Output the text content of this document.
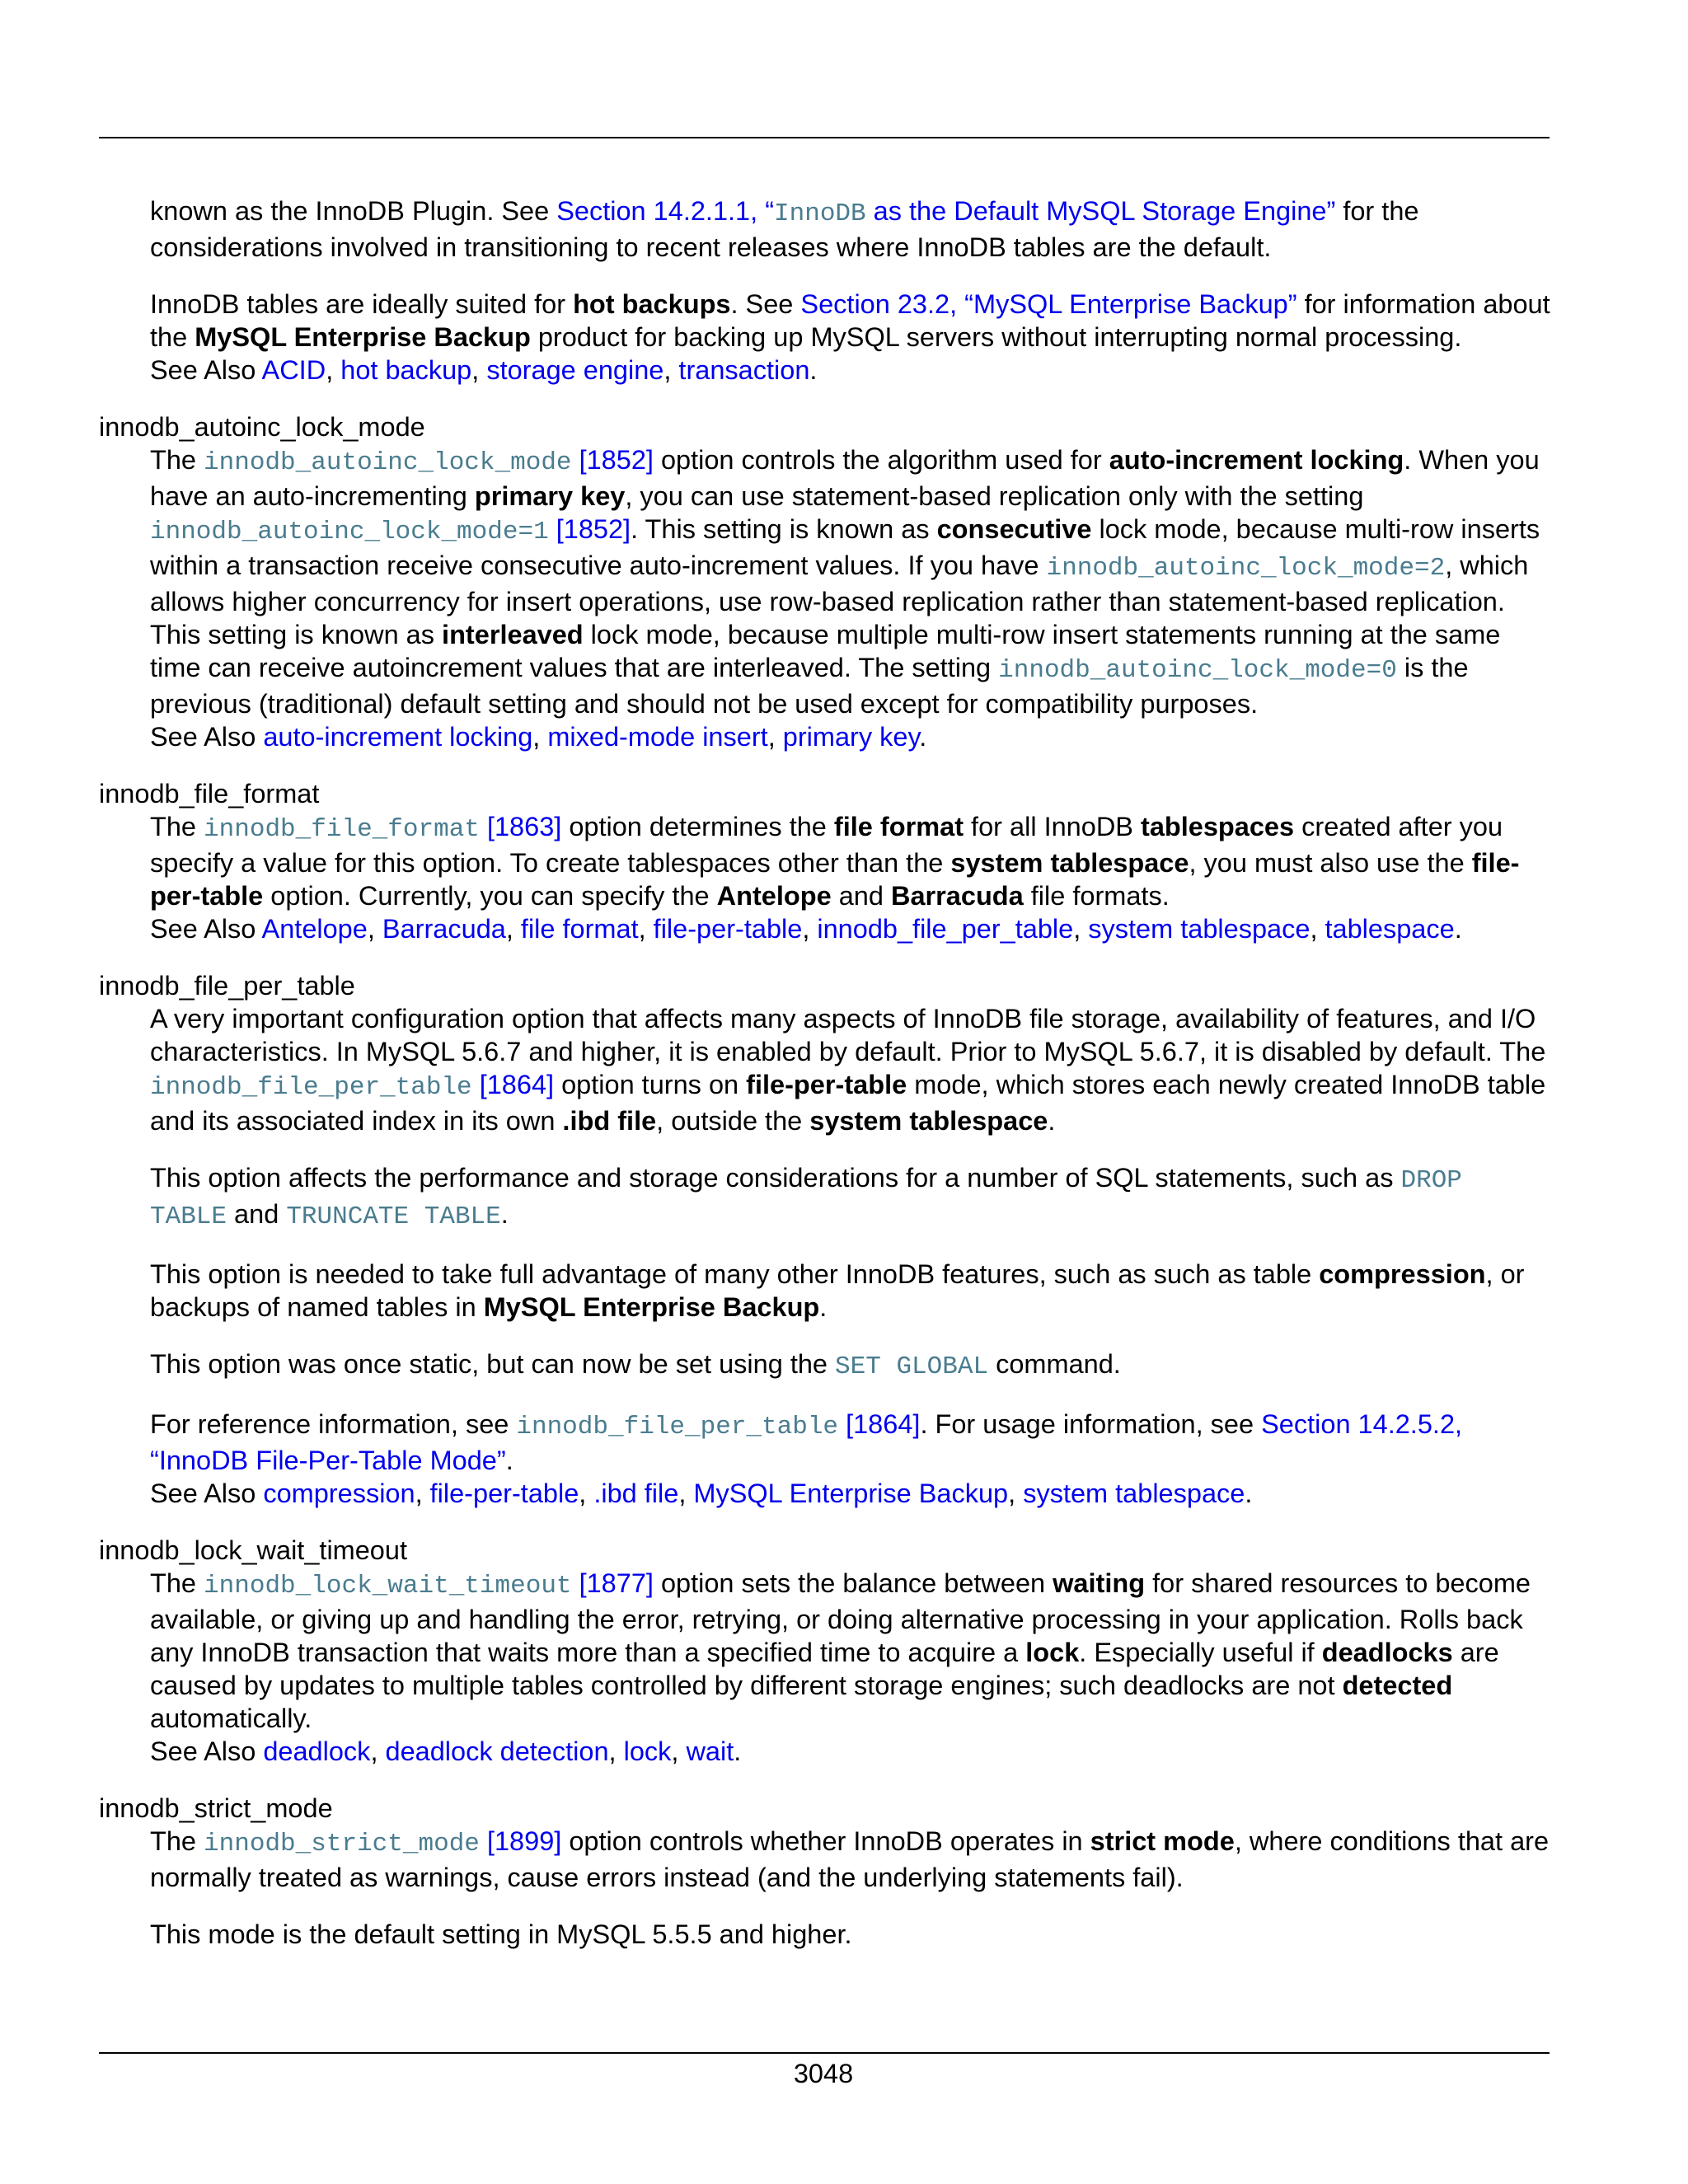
known as the InnoDB Plugin. See Section 14.2.1.1, “InnoDB as the Default MySQL Storage Engine” for the considerations involved in transitioning to recent releases where InnoDB tables are the default.

InnoDB tables are ideally suited for hot backups. See Section 23.2, “MySQL Enterprise Backup” for information about the MySQL Enterprise Backup product for backing up MySQL servers without interrupting normal processing.

See Also ACID, hot backup, storage engine, transaction.

innodb_autoinc_lock_mode

The innodb_autoinc_lock_mode [1852] option controls the algorithm used for auto-increment locking. When you have an auto-incrementing primary key, you can use statement-based replication only with the setting innodb_autoinc_lock_mode=1 [1852]. This setting is known as consecutive lock mode, because multi-row inserts within a transaction receive consecutive auto-increment values. If you have innodb_autoinc_lock_mode=2, which allows higher concurrency for insert operations, use row-based replication rather than statement-based replication. This setting is known as interleaved lock mode, because multiple multi-row insert statements running at the same time can receive autoincrement values that are interleaved. The setting innodb_autoinc_lock_mode=0 is the previous (traditional) default setting and should not be used except for compatibility purposes.

See Also auto-increment locking, mixed-mode insert, primary key.

innodb_file_format

The innodb_file_format [1863] option determines the file format for all InnoDB tablespaces created after you specify a value for this option. To create tablespaces other than the system tablespace, you must also use the file-per-table option. Currently, you can specify the Antelope and Barracuda file formats.

See Also Antelope, Barracuda, file format, file-per-table, innodb_file_per_table, system tablespace, tablespace.

innodb_file_per_table

A very important configuration option that affects many aspects of InnoDB file storage, availability of features, and I/O characteristics. In MySQL 5.6.7 and higher, it is enabled by default. Prior to MySQL 5.6.7, it is disabled by default. The innodb_file_per_table [1864] option turns on file-per-table mode, which stores each newly created InnoDB table and its associated index in its own .ibd file, outside the system tablespace.

This option affects the performance and storage considerations for a number of SQL statements, such as DROP TABLE and TRUNCATE TABLE.

This option is needed to take full advantage of many other InnoDB features, such as such as table compression, or backups of named tables in MySQL Enterprise Backup.

This option was once static, but can now be set using the SET GLOBAL command.

For reference information, see innodb_file_per_table [1864]. For usage information, see Section 14.2.5.2, “InnoDB File-Per-Table Mode”.

See Also compression, file-per-table, .ibd file, MySQL Enterprise Backup, system tablespace.

innodb_lock_wait_timeout

The innodb_lock_wait_timeout [1877] option sets the balance between waiting for shared resources to become available, or giving up and handling the error, retrying, or doing alternative processing in your application. Rolls back any InnoDB transaction that waits more than a specified time to acquire a lock. Especially useful if deadlocks are caused by updates to multiple tables controlled by different storage engines; such deadlocks are not detected automatically.

See Also deadlock, deadlock detection, lock, wait.

innodb_strict_mode

The innodb_strict_mode [1899] option controls whether InnoDB operates in strict mode, where conditions that are normally treated as warnings, cause errors instead (and the underlying statements fail).

This mode is the default setting in MySQL 5.5.5 and higher.

3048
